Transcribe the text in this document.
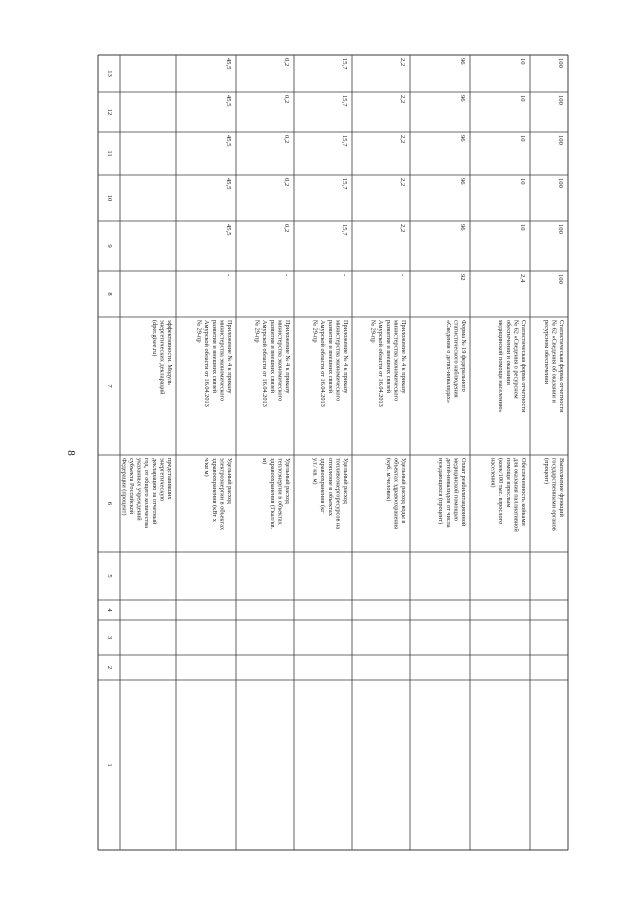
8
1
2
3
4
5
6
7
8
9
10
11
12
13
представивших
энергетическую
декларацию за отчетный
год, от общего количества
указанных учреждений
субъекта Российской
Федерации (процент)
эффективности. Модуль
энергетических деклараций
(dper.gisee.ru)
Удельный расход
электроэнергии в объектах
здравоохранения (кВт x
ч/кв м)
Приложение № 4 к приказу
министерства экономического
развития и внешних связей
Амурской области от 16.04.2013
№ 29-пр
-
45,5
45,5
45,5
45,5
45,5
Удельный расход
теплоэнергии в объектах
здравоохранения (Гкал/кв.
м)
Приложение № 4 к приказу
министерства экономического
развития и внешних связей
Амурской области от 16.04.2013
№ 29-пр
-
0,2
0,2
0,2
0,2
0,2
Удельный расход
топливоэнергоресурсов на
отопление в объектах
здравоохранения (кг
у.т./ кв. м)
Приложение № 4 к приказу
министерства экономического
развития и внешних связей
Амурской области от 16.04.2013
№ 29-пр
-
15,7
15,7
15,7
15,7
15,7
Удельный расход воды в
объектах здравоохранения
(куб. м/человек)
Приложение № 4 к приказу
министерства экономического
развития и внешних связей
Амурской области от 16.04.2013
№ 29-пр
-
2,2
2,2
2,2
2,2
2,2
Охват реабилитационной
медицинской помощью
детей-инвалидов от числа
нуждающихся (процент)
Форма № 19 федерального
статистического наблюдения
«Сведения о детях-инвалидах»
92
96
96
96
96
96
Обеспеченность койками
для оказания паллиативной
помощи взрослым
(коек/100 тыс. взрослого
населения)
Статистическая форма отчетности
№ 62 «Сведения о ресурсном
обеспечении и оказании
медицинской помощи населению»
2,4
10
10
10
10
10
Выполнение функций
государственными органов
(процент)
Статистическая форма отчетности
№ 62 «Сведения об оказании и
ресурсном обеспечении
100
100
100
100
100
100
